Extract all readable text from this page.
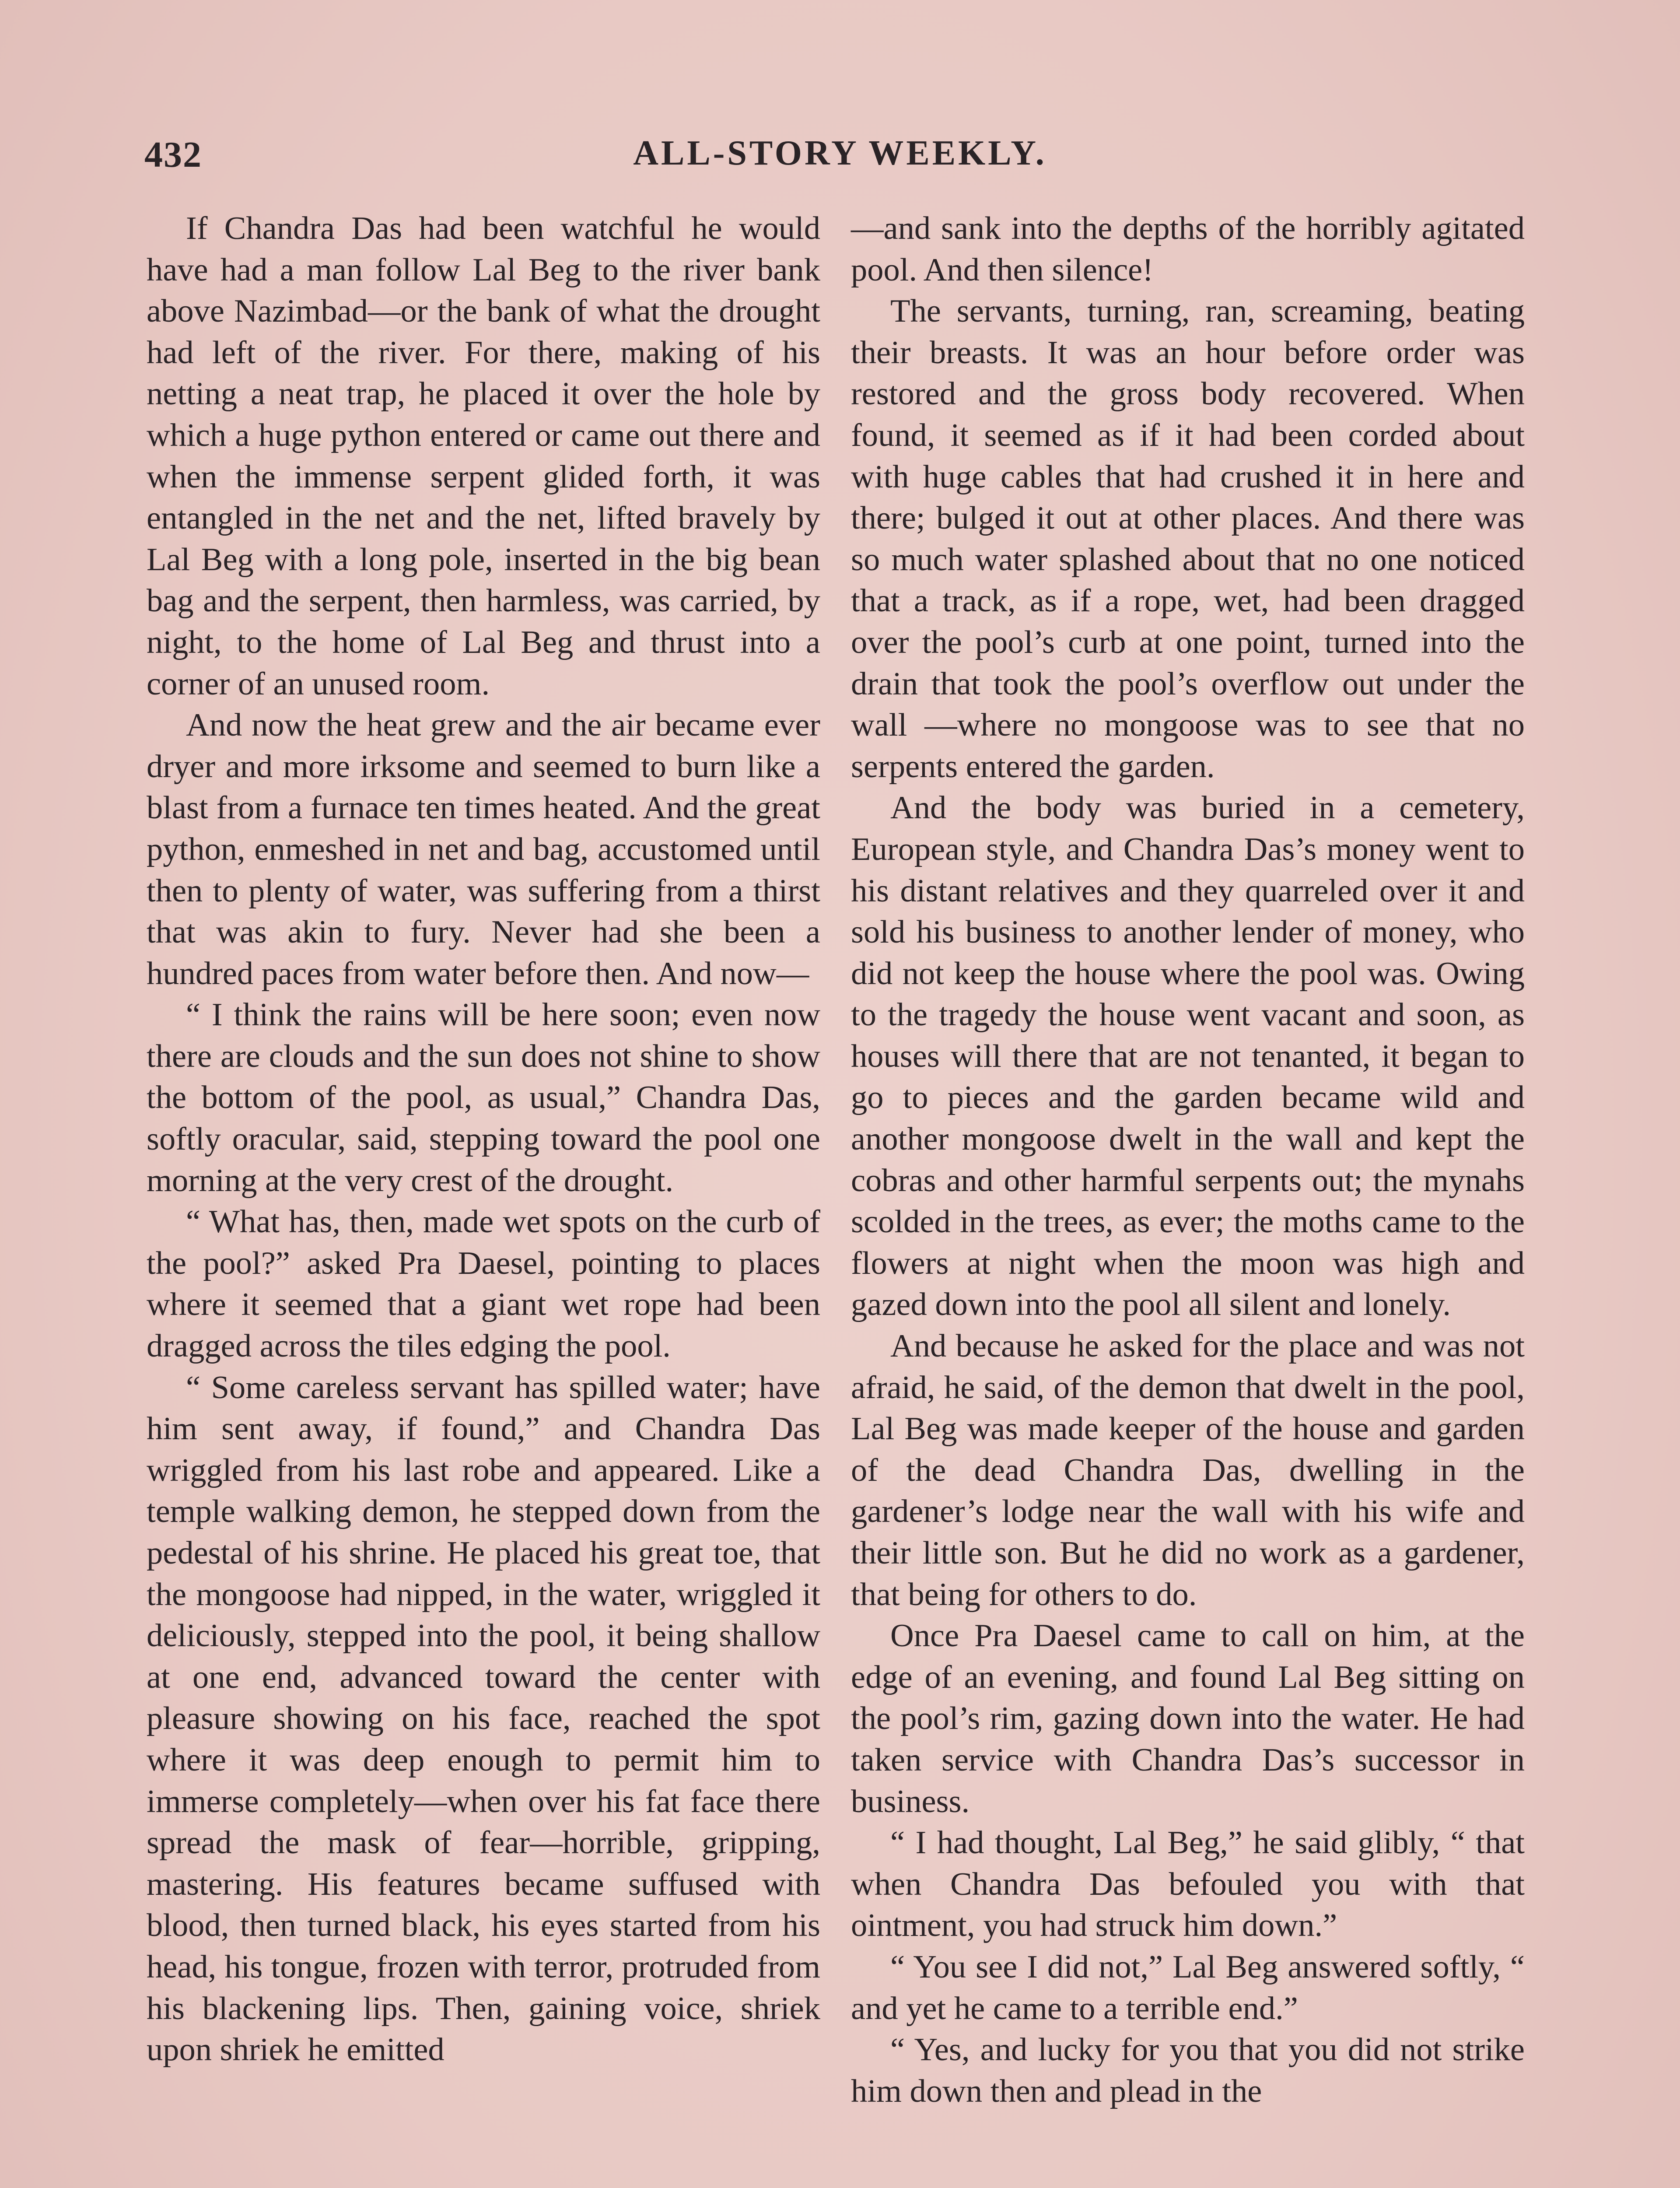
432	ALL-STORY WEEKLY.

If Chandra Das had been watchful he would have had a man follow Lal Beg to the river bank above Nazimbad—or the bank of what the drought had left of the river. For there, making of his netting a neat trap, he placed it over the hole by which a huge python entered or came out there and when the immense serpent glided forth, it was entangled in the net and the net, lifted bravely by Lal Beg with a long pole, inserted in the big bean bag and the serpent, then harmless, was carried, by night, to the home of Lal Beg and thrust into a corner of an unused room.

And now the heat grew and the air became ever dryer and more irksome and seemed to burn like a blast from a furnace ten times heated. And the great python, enmeshed in net and bag, accustomed until then to plenty of water, was suffering from a thirst that was akin to fury. Never had she been a hundred paces from water before then. And now—

“ I think the rains will be here soon; even now there are clouds and the sun does not shine to show the bottom of the pool, as usual,” Chandra Das, softly oracular, said, stepping toward the pool one morning at the very crest of the drought.

“ What has, then, made wet spots on the curb of the pool?” asked Pra Daesel, pointing to places where it seemed that a giant wet rope had been dragged across the tiles edging the pool.

“ Some careless servant has spilled water; have him sent away, if found,” and Chandra Das wriggled from his last robe and appeared. Like a temple walking demon, he stepped down from the pedestal of his shrine. He placed his great toe, that the mongoose had nipped, in the water, wriggled it deliciously, stepped into the pool, it being shallow at one end, advanced toward the center with pleasure showing on his face, reached the spot where it was deep enough to permit him to immerse completely—when over his fat face there spread the mask of fear—horrible, gripping, mastering. His features became suffused with blood, then turned black, his eyes started from his head, his tongue, frozen with terror, protruded from his blackening lips. Then, gaining voice, shriek upon shriek he emitted

—and sank into the depths of the horribly agitated pool. And then silence!

The servants, turning, ran, screaming, beating their breasts. It was an hour before order was restored and the gross body recovered. When found, it seemed as if it had been corded about with huge cables that had crushed it in here and there; bulged it out at other places. And there was so much water splashed about that no one noticed that a track, as if a rope, wet, had been dragged over the pool’s curb at one point, turned into the drain that took the pool’s overflow out under the wall —where no mongoose was to see that no serpents entered the garden.

And the body was buried in a cemetery, European style, and Chandra Das’s money went to his distant relatives and they quarreled over it and sold his business to another lender of money, who did not keep the house where the pool was. Owing to the tragedy the house went vacant and soon, as houses will there that are not tenanted, it began to go to pieces and the garden became wild and another mongoose dwelt in the wall and kept the cobras and other harmful serpents out; the mynahs scolded in the trees, as ever; the moths came to the flowers at night when the moon was high and gazed down into the pool all silent and lonely.

And because he asked for the place and was not afraid, he said, of the demon that dwelt in the pool, Lal Beg was made keeper of the house and garden of the dead Chandra Das, dwelling in the gardener’s lodge near the wall with his wife and their little son. But he did no work as a gardener, that being for others to do.

Once Pra Daesel came to call on him, at the edge of an evening, and found Lal Beg sitting on the pool’s rim, gazing down into the water. He had taken service with Chandra Das’s successor in business.

“ I had thought, Lal Beg,” he said glibly, “ that when Chandra Das befouled you with that ointment, you had struck him down.”

“ You see I did not,” Lal Beg answered softly, “ and yet he came to a terrible end.”

“ Yes, and lucky for you that you did not strike him down then and plead in the
